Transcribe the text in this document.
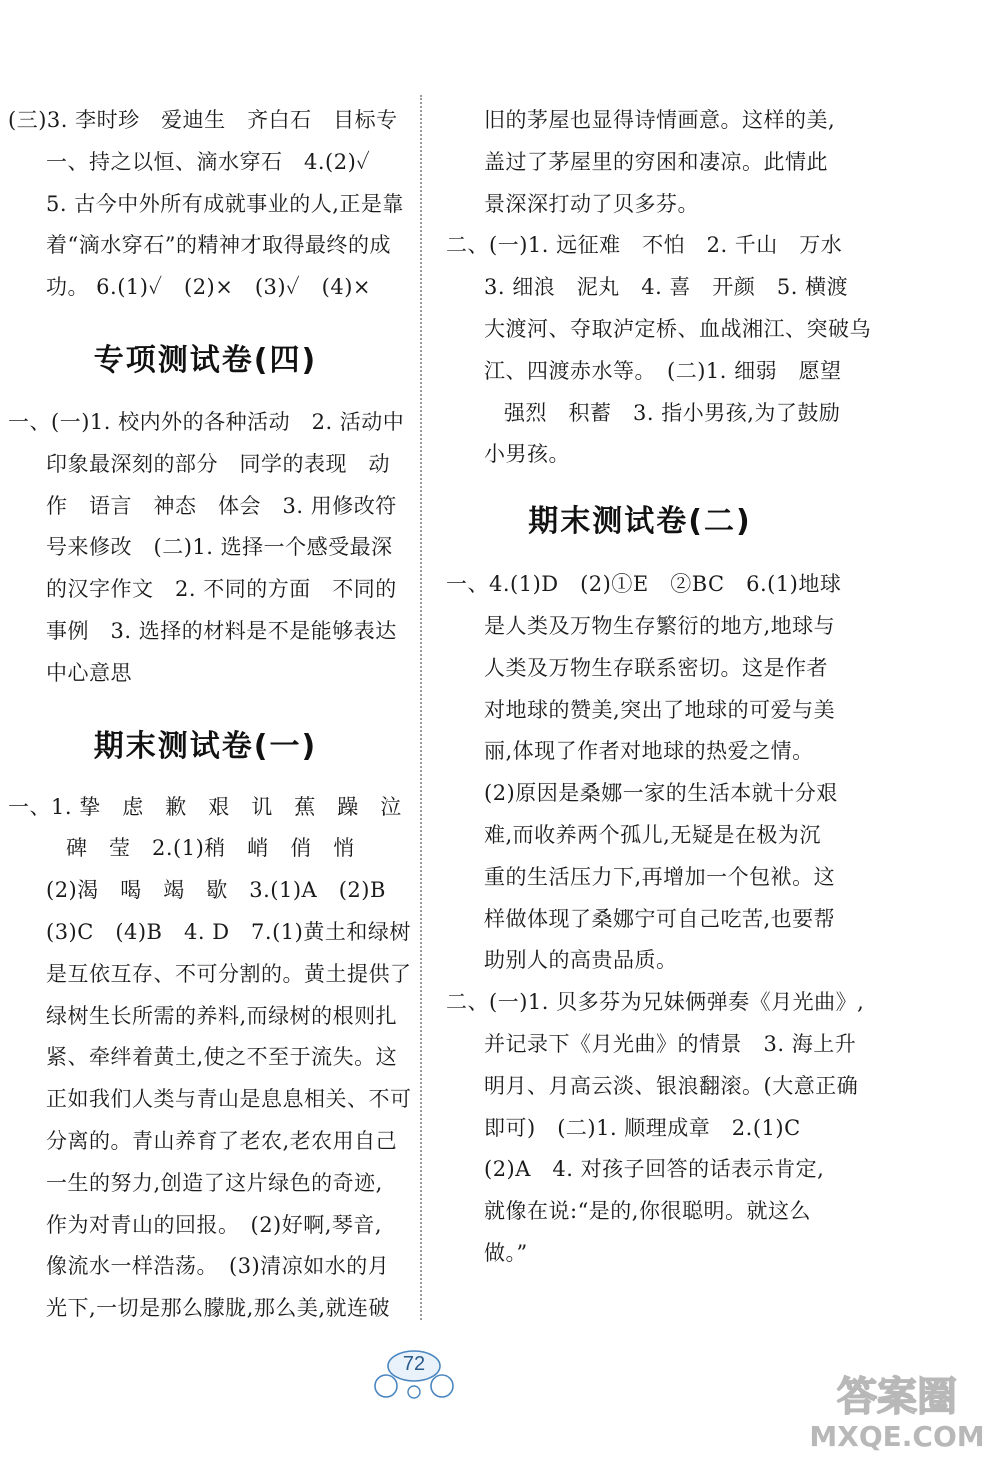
(三)3. 李时珍　爱迪生　齐白石　目标专

一、持之以恒、滴水穿石　4.(2)✓

5. 古今中外所有成就事业的人,正是靠

着“滴水穿石”的精神才取得最终的成

功。 6.(1)✓　(2)×　(3)✓　(4)×

专项测试卷(四)

一、(一)1. 校内外的各种活动　2. 活动中

印象最深刻的部分　同学的表现　动

作　语言　神态　体会　3. 用修改符

号来修改　(二)1. 选择一个感受最深

的汉字作文　2. 不同的方面　不同的

事例　3. 选择的材料是不是能够表达

中心意思

期末测试卷(一)

一、1. 挚　虑　歉　艰　讥　蕉　躁　泣

碑　莹　2.(1)稍　峭　俏　悄

(2)渴　喝　竭　歇　3.(1)A　(2)B

(3)C　(4)B　4. D　7.(1)黄土和绿树

是互依互存、不可分割的。黄土提供了

绿树生长所需的养料,而绿树的根则扎

紧、牵绊着黄土,使之不至于流失。这

正如我们人类与青山是息息相关、不可

分离的。青山养育了老农,老农用自己

一生的努力,创造了这片绿色的奇迹,

作为对青山的回报。　(2)好啊,琴音,

像流水一样浩荡。　(3)清凉如水的月

光下,一切是那么朦胧,那么美,就连破

旧的茅屋也显得诗情画意。这样的美,

盖过了茅屋里的穷困和凄凉。此情此

景深深打动了贝多芬。

二、(一)1. 远征难　不怕　2. 千山　万水

3. 细浪　泥丸　4. 喜　开颜　5. 横渡

大渡河、夺取泸定桥、血战湘江、突破乌

江、四渡赤水等。　(二)1. 细弱　愿望

强烈　积蓄　3. 指小男孩,为了鼓励

小男孩。

期末测试卷(二)

一、4.(1)D　(2)①E　②BC　6.(1)地球

是人类及万物生存繁衍的地方,地球与

人类及万物生存联系密切。这是作者

对地球的赞美,突出了地球的可爱与美

丽,体现了作者对地球的热爱之情。

(2)原因是桑娜一家的生活本就十分艰

难,而收养两个孤儿,无疑是在极为沉

重的生活压力下,再增加一个包袱。这

样做体现了桑娜宁可自己吃苦,也要帮

助别人的高贵品质。

二、(一)1. 贝多芬为兄妹俩弹奏《月光曲》,

并记录下《月光曲》的情景　3. 海上升

明月、月高云淡、银浪翻滚。(大意正确

即可)　(二)1. 顺理成章　2.(1)C

(2)A　4. 对孩子回答的话表示肯定,

就像在说:“是的,你很聪明。就这么

做。”

72
答案圈
MXQE.COM
